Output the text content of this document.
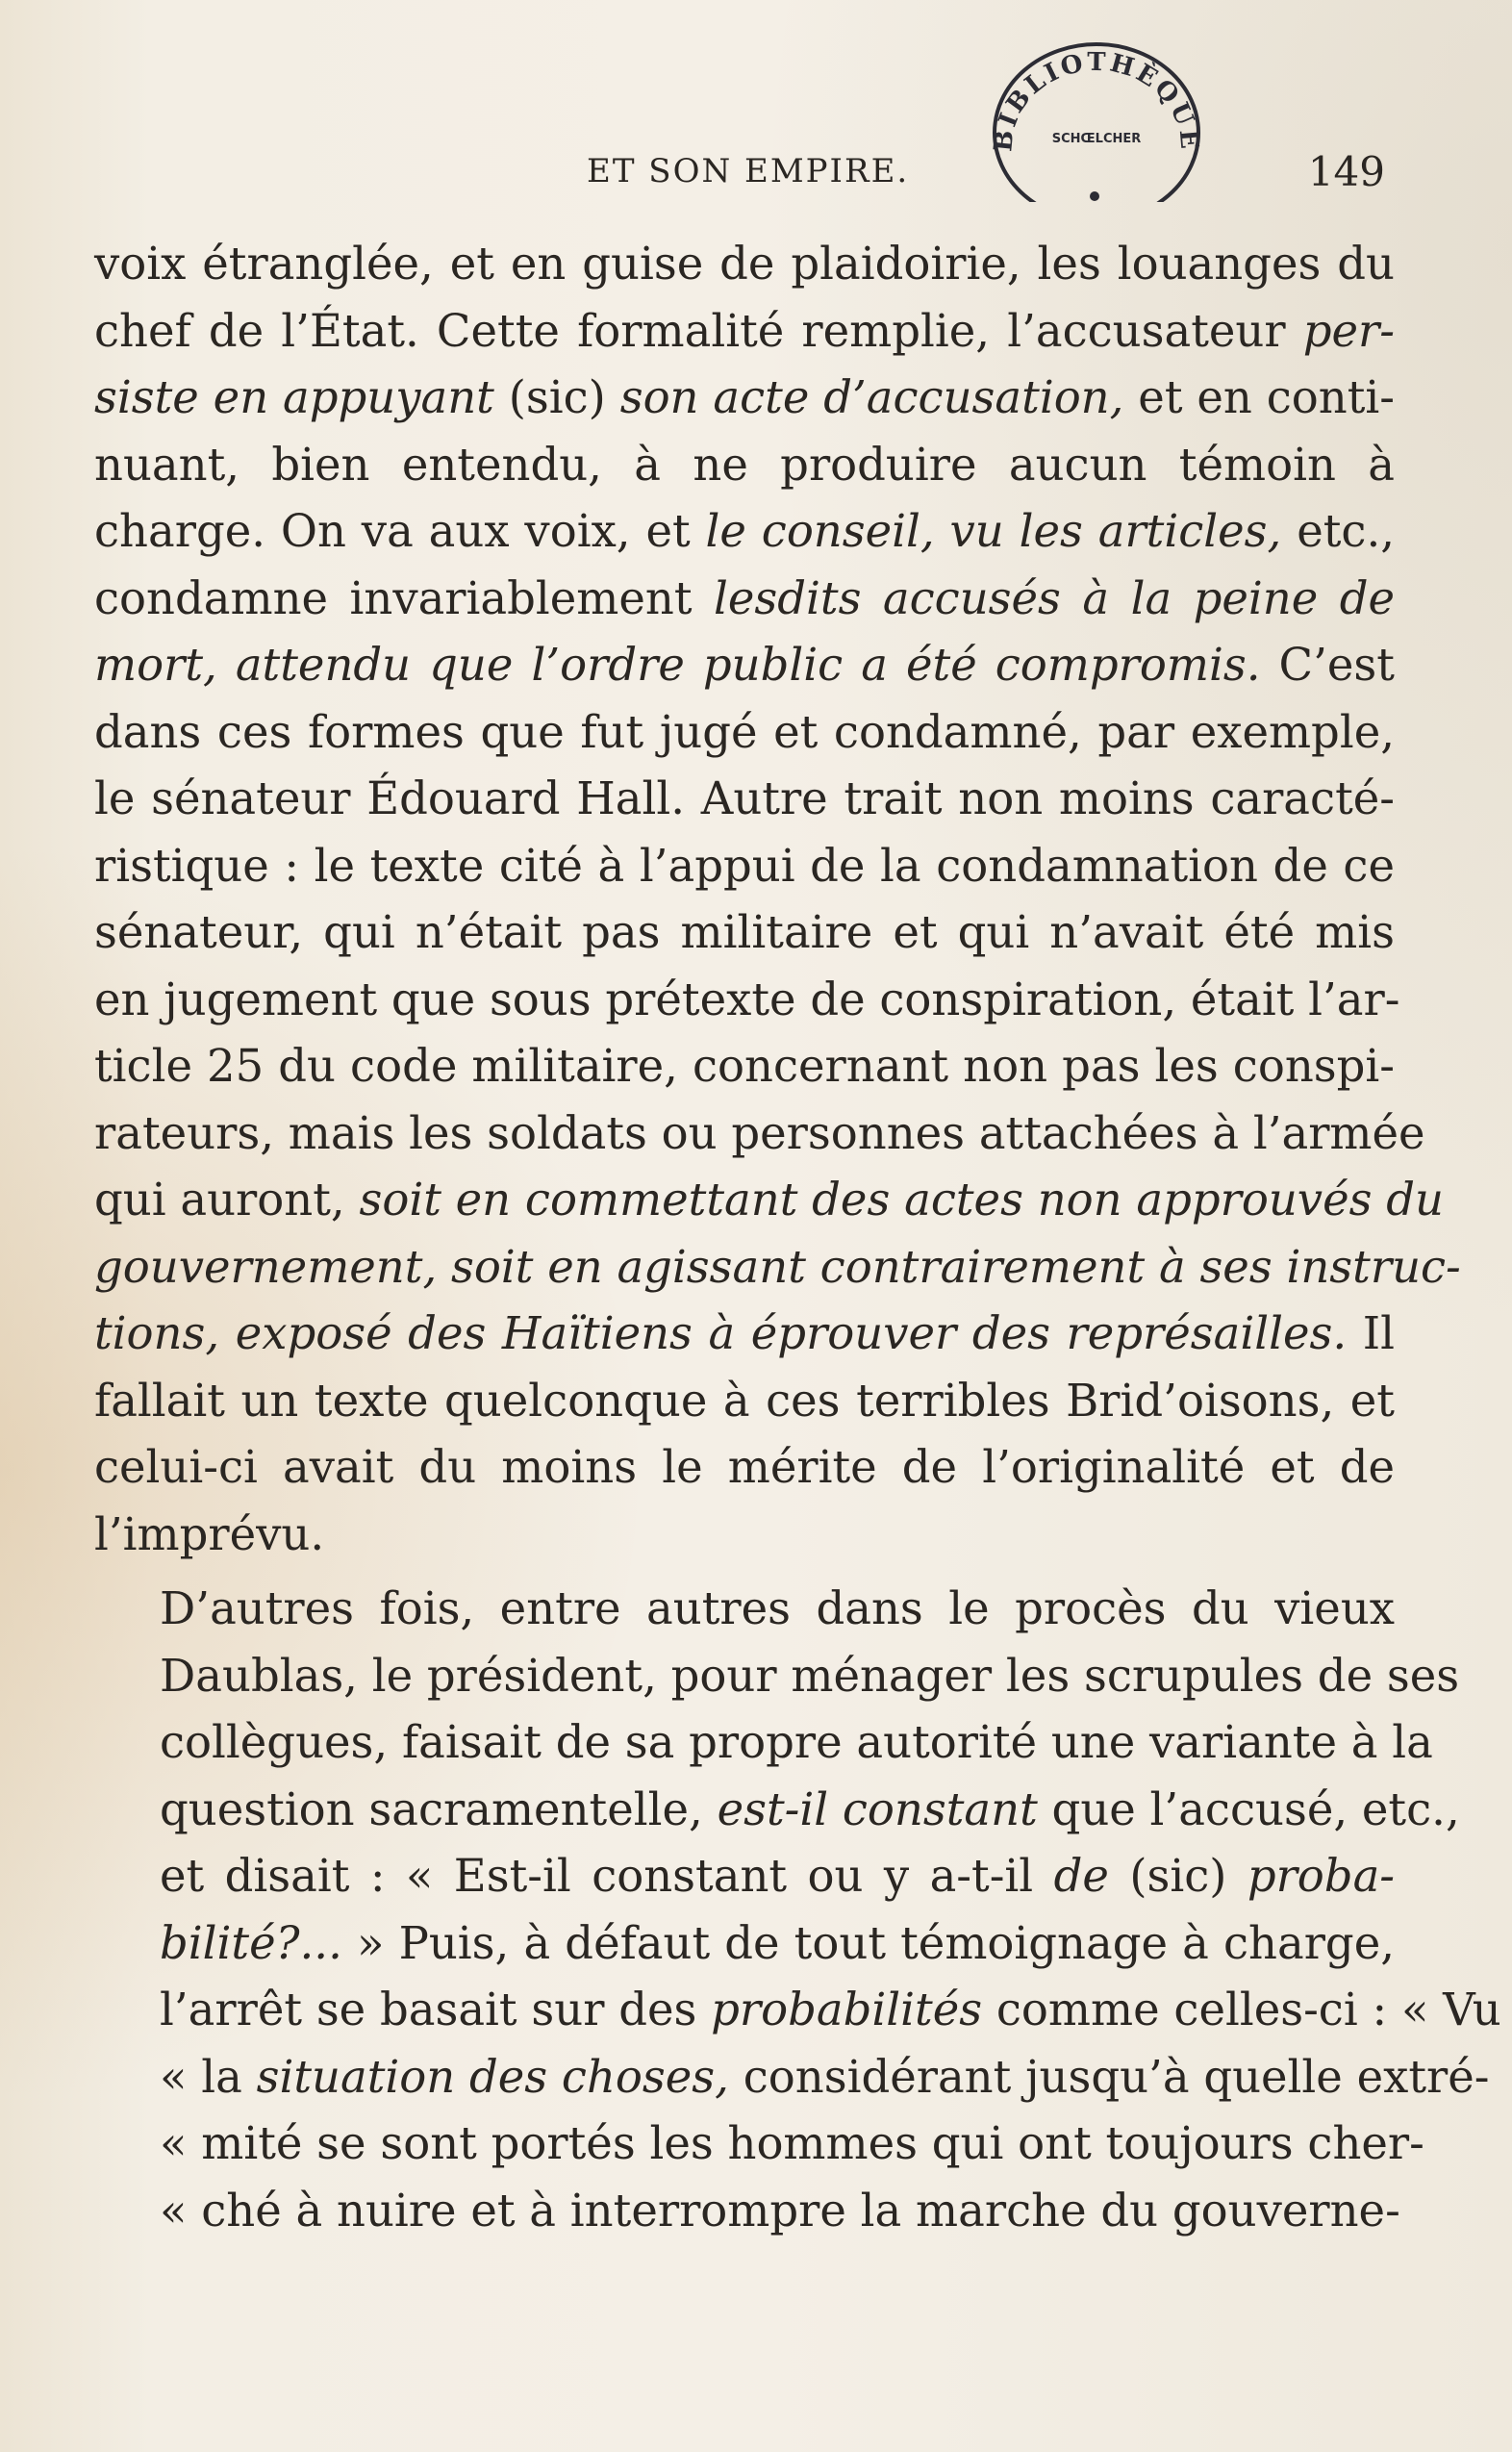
ET SON EMPIRE.	149
BIBLIOTHÈQUE
SCHŒLCHER

voix étranglée, et en guise de plaidoirie, les louanges du
chef de l’État. Cette formalité remplie, l’accusateur per-
siste en appuyant (sic) son acte d’accusation, et en conti-
nuant, bien entendu, à ne produire aucun témoin à
charge. On va aux voix, et le conseil, vu les articles, etc.,
condamne invariablement lesdits accusés à la peine de
mort, attendu que l’ordre public a été compromis. C’est
dans ces formes que fut jugé et condamné, par exemple,
le sénateur Édouard Hall. Autre trait non moins caracté-
ristique : le texte cité à l’appui de la condamnation de ce
sénateur, qui n’était pas militaire et qui n’avait été mis
en jugement que sous prétexte de conspiration, était l’ar-
ticle 25 du code militaire, concernant non pas les conspi-
rateurs, mais les soldats ou personnes attachées à l’armée
qui auront, soit en commettant des actes non approuvés du
gouvernement, soit en agissant contrairement à ses instruc-
tions, exposé des Haïtiens à éprouver des représailles. Il
fallait un texte quelconque à ces terribles Brid’oisons, et
celui-ci avait du moins le mérite de l’originalité et de
l’imprévu.

D’autres fois, entre autres dans le procès du vieux
Daublas, le président, pour ménager les scrupules de ses
collègues, faisait de sa propre autorité une variante à la
question sacramentelle, est-il constant que l’accusé, etc.,
et disait : « Est-il constant ou y a-t-il de (sic) proba-
bilité?... » Puis, à défaut de tout témoignage à charge,
l’arrêt se basait sur des probabilités comme celles-ci : « Vu
« la situation des choses, considérant jusqu’à quelle extré-
« mité se sont portés les hommes qui ont toujours cher-
« ché à nuire et à interrompre la marche du gouverne-
